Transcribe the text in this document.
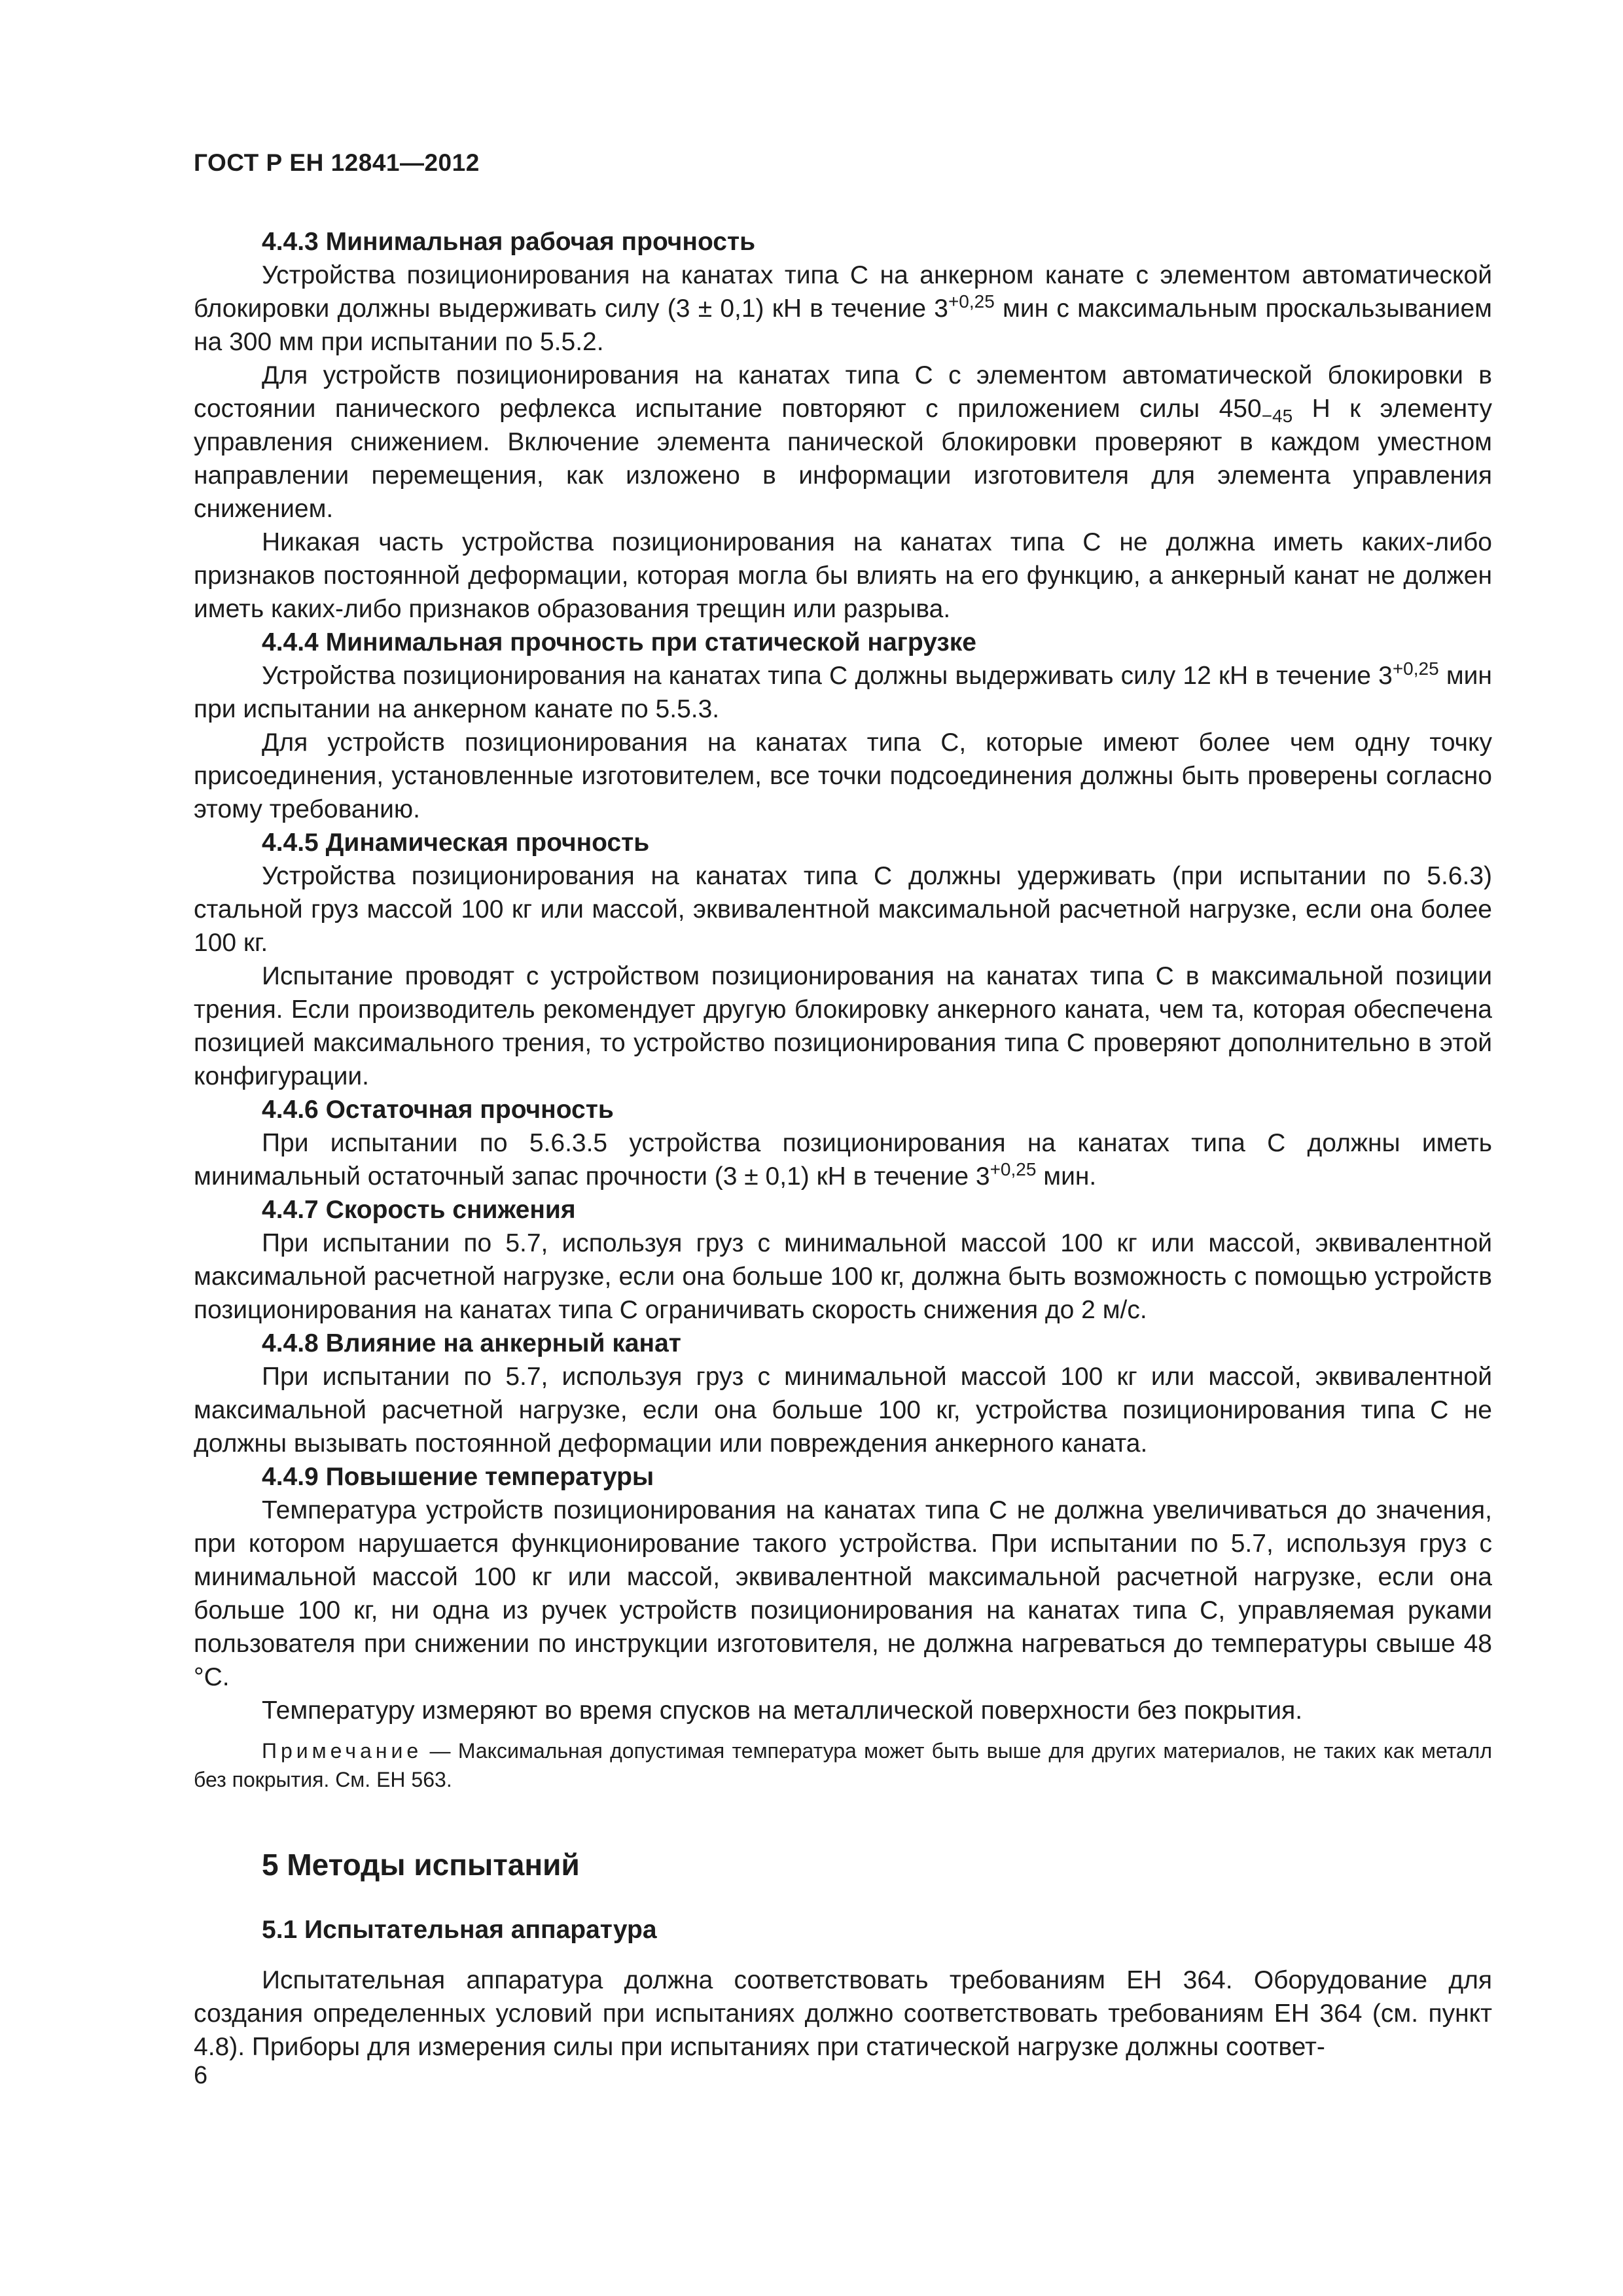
ГОСТ Р ЕН 12841—2012
4.4.3 Минимальная рабочая прочность

Устройства позиционирования на канатах типа С на анкерном канате с элементом автоматической блокировки должны выдерживать силу (3 ± 0,1) кН в течение $3^{+0,25}$ мин с максимальным проскальзыванием на 300 мм при испытании по 5.5.2.

Для устройств позиционирования на канатах типа С с элементом автоматической блокировки в состоянии панического рефлекса испытание повторяют с приложением силы $450_{-45}$ Н к элементу управления снижением. Включение элемента панической блокировки проверяют в каждом уместном направлении перемещения, как изложено в информации изготовителя для элемента управления снижением.

Никакая часть устройства позиционирования на канатах типа С не должна иметь каких-либо признаков постоянной деформации, которая могла бы влиять на его функцию, а анкерный канат не должен иметь каких-либо признаков образования трещин или разрыва.

4.4.4 Минимальная прочность при статической нагрузке

Устройства позиционирования на канатах типа С должны выдерживать силу 12 кН в течение $3^{+0,25}$ мин при испытании на анкерном канате по 5.5.3.

Для устройств позиционирования на канатах типа С, которые имеют более чем одну точку присоединения, установленные изготовителем, все точки подсоединения должны быть проверены согласно этому требованию.

4.4.5 Динамическая прочность

Устройства позиционирования на канатах типа С должны удерживать (при испытании по 5.6.3) стальной груз массой 100 кг или массой, эквивалентной максимальной расчетной нагрузке, если она более 100 кг.

Испытание проводят с устройством позиционирования на канатах типа С в максимальной позиции трения. Если производитель рекомендует другую блокировку анкерного каната, чем та, которая обеспечена позицией максимального трения, то устройство позиционирования типа С проверяют дополнительно в этой конфигурации.

4.4.6 Остаточная прочность

При испытании по 5.6.3.5 устройства позиционирования на канатах типа С должны иметь минимальный остаточный запас прочности (3 ± 0,1) кН в течение $3^{+0,25}$ мин.

4.4.7 Скорость снижения

При испытании по 5.7, используя груз с минимальной массой 100 кг или массой, эквивалентной максимальной расчетной нагрузке, если она больше 100 кг, должна быть возможность с помощью устройств позиционирования на канатах типа С ограничивать скорость снижения до 2 м/с.

4.4.8 Влияние на анкерный канат

При испытании по 5.7, используя груз с минимальной массой 100 кг или массой, эквивалентной максимальной расчетной нагрузке, если она больше 100 кг, устройства позиционирования типа С не должны вызывать постоянной деформации или повреждения анкерного каната.

4.4.9 Повышение температуры

Температура устройств позиционирования на канатах типа С не должна увеличиваться до значения, при котором нарушается функционирование такого устройства. При испытании по 5.7, используя груз с минимальной массой 100 кг или массой, эквивалентной максимальной расчетной нагрузке, если она больше 100 кг, ни одна из ручек устройств позиционирования на канатах типа С, управляемая руками пользователя при снижении по инструкции изготовителя, не должна нагреваться до температуры свыше 48 °С.

Температуру измеряют во время спусков на металлической поверхности без покрытия.

Примечание — Максимальная допустимая температура может быть выше для других материалов, не таких как металл без покрытия. См. ЕН 563.
5 Методы испытаний
5.1 Испытательная аппаратура

Испытательная аппаратура должна соответствовать требованиям ЕН 364. Оборудование для создания определенных условий при испытаниях должно соответствовать требованиям ЕН 364 (см. пункт 4.8). Приборы для измерения силы при испытаниях при статической нагрузке должны соответ-

6
